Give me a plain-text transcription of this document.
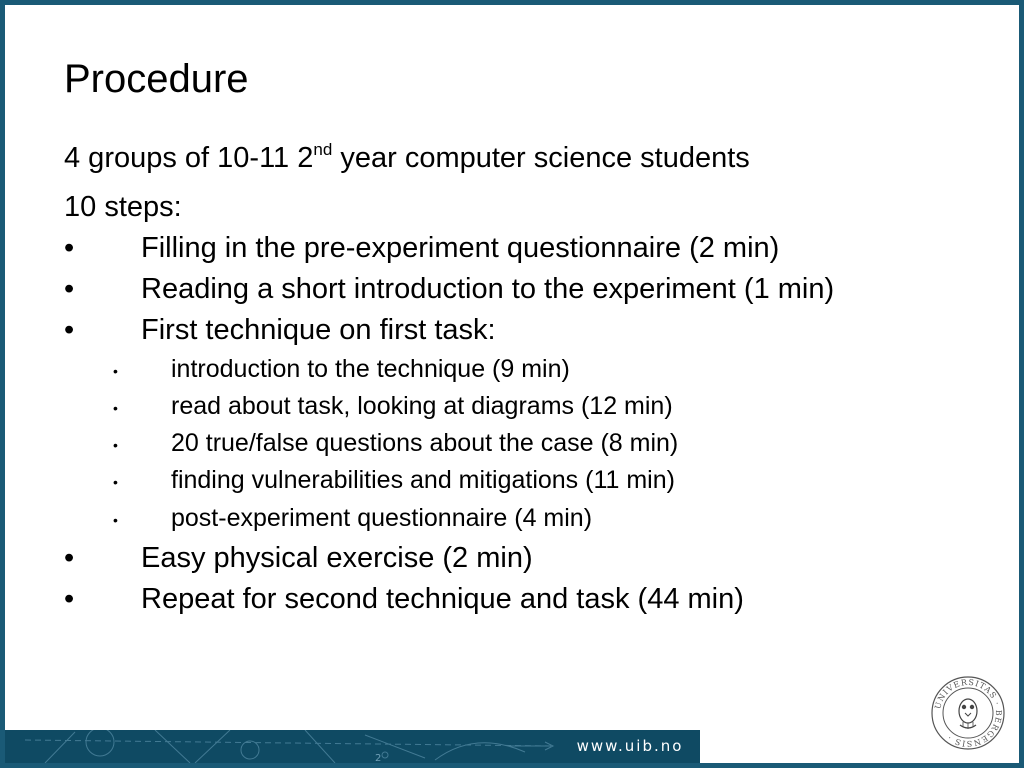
Procedure
4 groups of 10-11 2nd year computer science students
10 steps:
• Filling in the pre-experiment questionnaire (2 min)
• Reading a short introduction to the experiment (1 min)
• First technique on first task:
• introduction to the technique (9 min)
• read about task, looking at diagrams (12 min)
• 20 true/false questions about the case (8 min)
• finding vulnerabilities and mitigations (11 min)
• post-experiment questionnaire (4 min)
• Easy physical exercise (2 min)
• Repeat for second technique and task (44 min)
UNIVERSITAS · BERGENSIS ·
2
www.uib.no
